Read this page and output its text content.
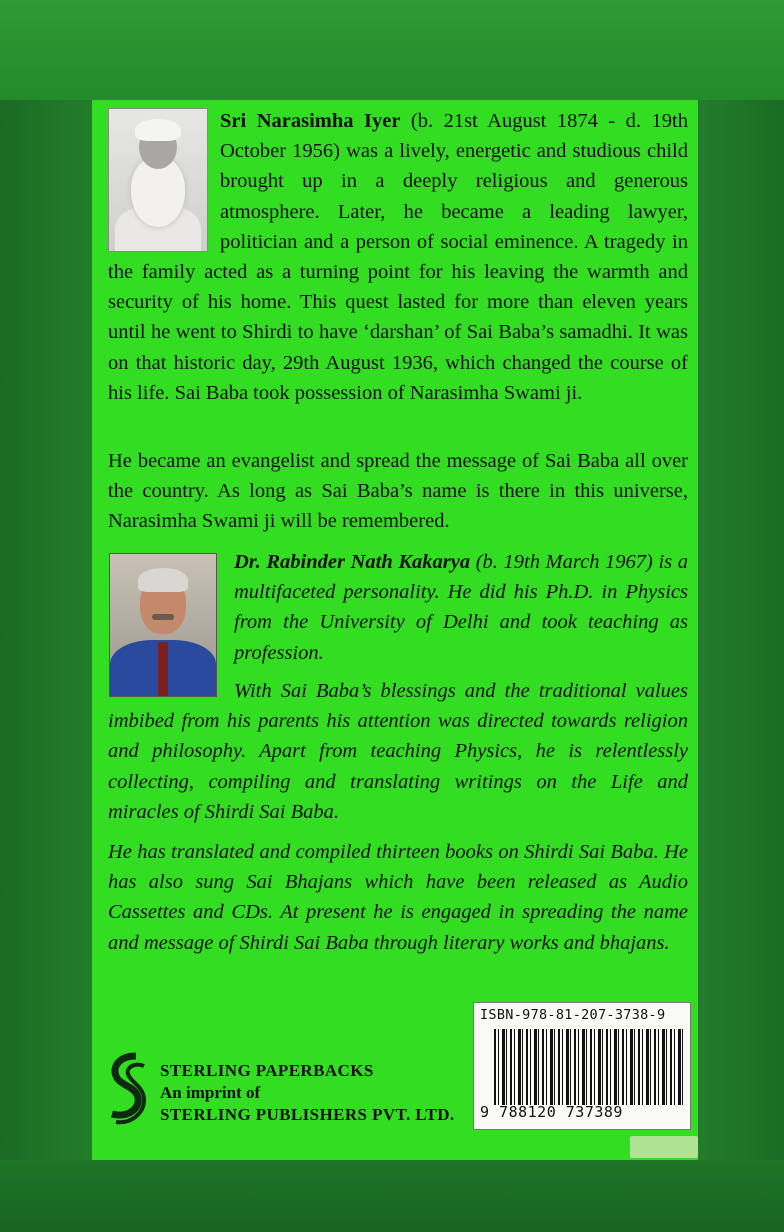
Sri Narasimha Iyer (b. 21st August 1874 - d. 19th October 1956) was a lively, energetic and studious child brought up in a deeply religious and generous atmosphere. Later, he became a leading lawyer, politician and a person of social eminence. A tragedy in the family acted as a turning point for his leaving the warmth and security of his home. This quest lasted for more than eleven years until he went to Shirdi to have ‘darshan’ of Sai Baba’s samadhi. It was on that historic day, 29th August 1936, which changed the course of his life. Sai Baba took possession of Narasimha Swami ji.

He became an evangelist and spread the message of Sai Baba all over the country. As long as Sai Baba’s name is there in this universe, Narasimha Swami ji will be remembered.

Dr. Rabinder Nath Kakarya (b. 19th March 1967) is a multifaceted personality. He did his Ph.D. in Physics from the University of Delhi and took teaching as profession.

With Sai Baba’s blessings and the traditional values imbibed from his parents his attention was directed towards religion and philosophy. Apart from teaching Physics, he is relentlessly collecting, compiling and translating writings on the Life and miracles of Shirdi Sai Baba.

He has translated and compiled thirteen books on Shirdi Sai Baba. He has also sung Sai Bhajans which have been released as Audio Cassettes and CDs. At present he is engaged in spreading the name and message of Shirdi Sai Baba through literary works and bhajans.

ISBN-978-81-207-3738-9
9 788120 737389
STERLING PAPERBACKS
An imprint of
STERLING PUBLISHERS PVT. LTD.
